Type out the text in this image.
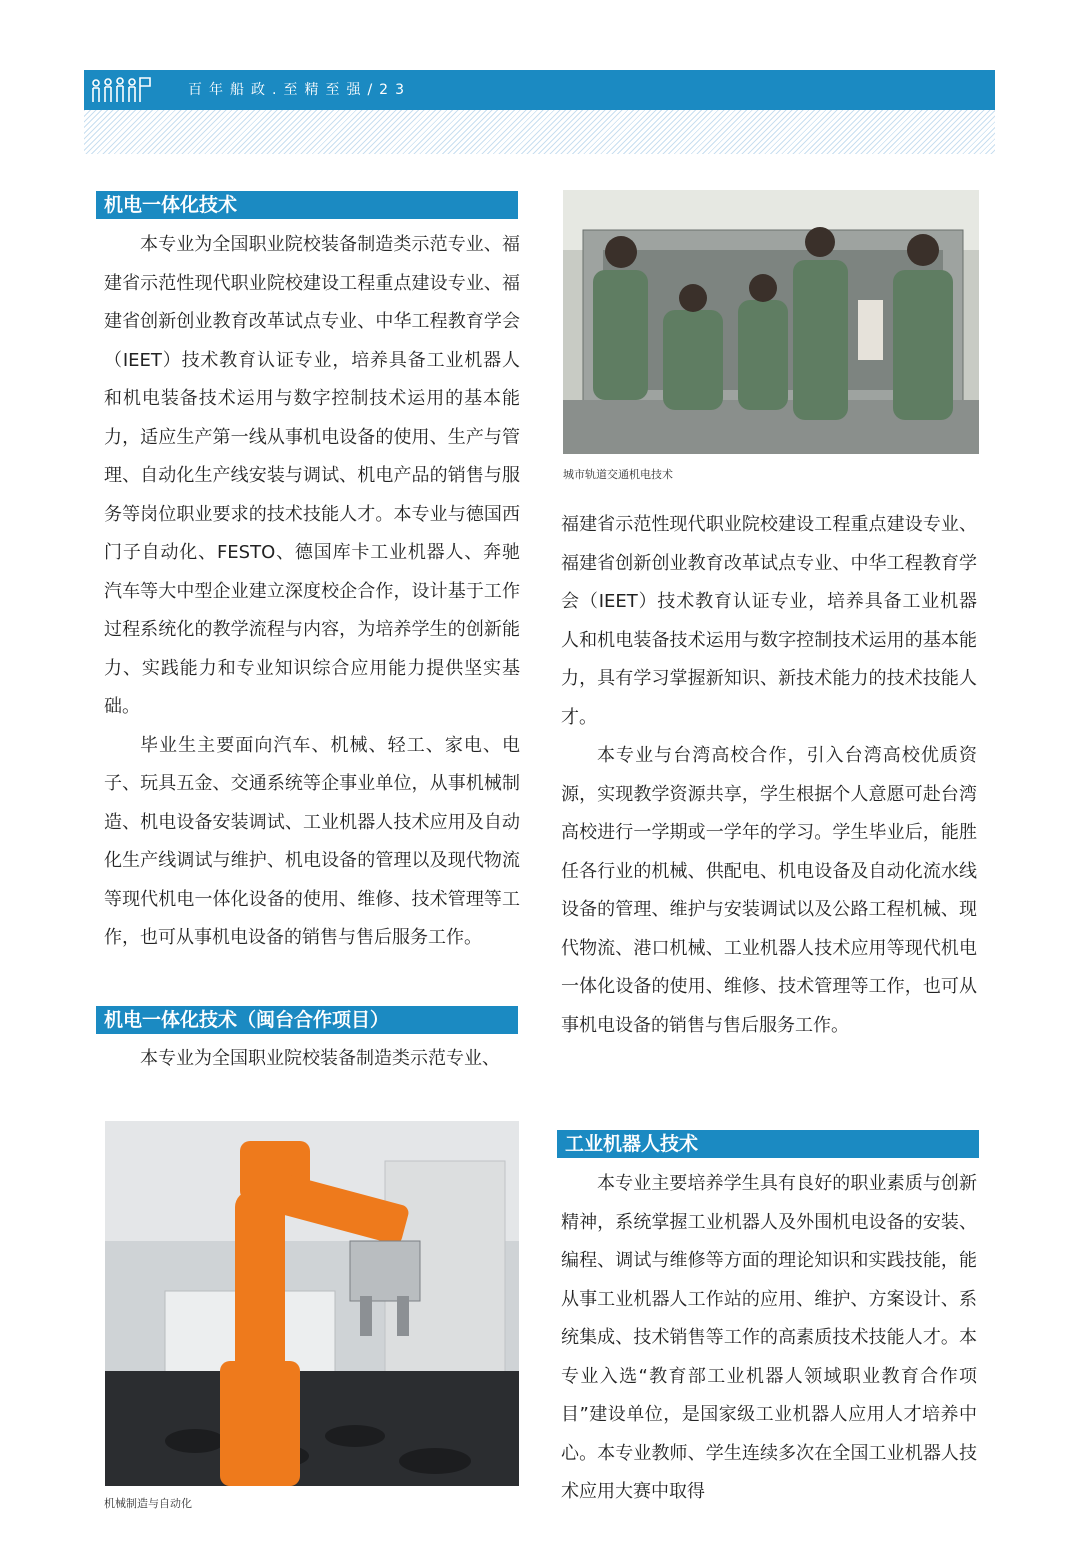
百年船政.至精至强/23
机电一体化技术

本专业为全国职业院校装备制造类示范专业、福建省示范性现代职业院校建设工程重点建设专业、福建省创新创业教育改革试点专业、中华工程教育学会（IEET）技术教育认证专业，培养具备工业机器人和机电装备技术运用与数字控制技术运用的基本能力，适应生产第一线从事机电设备的使用、生产与管理、自动化生产线安装与调试、机电产品的销售与服务等岗位职业要求的技术技能人才。本专业与德国西门子自动化、FESTO、德国库卡工业机器人、奔驰汽车等大中型企业建立深度校企合作，设计基于工作过程系统化的教学流程与内容，为培养学生的创新能力、实践能力和专业知识综合应用能力提供坚实基础。

毕业生主要面向汽车、机械、轻工、家电、电子、玩具五金、交通系统等企事业单位，从事机械制造、机电设备安装调试、工业机器人技术应用及自动化生产线调试与维护、机电设备的管理以及现代物流等现代机电一体化设备的使用、维修、技术管理等工作，也可从事机电设备的销售与售后服务工作。

机电一体化技术（闽台合作项目）

本专业为全国职业院校装备制造类示范专业、

机械制造与自动化
城市轨道交通机电技术

福建省示范性现代职业院校建设工程重点建设专业、福建省创新创业教育改革试点专业、中华工程教育学会（IEET）技术教育认证专业，培养具备工业机器人和机电装备技术运用与数字控制技术运用的基本能力，具有学习掌握新知识、新技术能力的技术技能人才。

本专业与台湾高校合作，引入台湾高校优质资源，实现教学资源共享，学生根据个人意愿可赴台湾高校进行一学期或一学年的学习。学生毕业后，能胜任各行业的机械、供配电、机电设备及自动化流水线设备的管理、维护与安装调试以及公路工程机械、现代物流、港口机械、工业机器人技术应用等现代机电一体化设备的使用、维修、技术管理等工作，也可从事机电设备的销售与售后服务工作。

工业机器人技术

本专业主要培养学生具有良好的职业素质与创新精神，系统掌握工业机器人及外围机电设备的安装、编程、调试与维修等方面的理论知识和实践技能，能从事工业机器人工作站的应用、维护、方案设计、系统集成、技术销售等工作的高素质技术技能人才。本专业入选“教育部工业机器人领域职业教育合作项目”建设单位，是国家级工业机器人应用人才培养中心。本专业教师、学生连续多次在全国工业机器人技术应用大赛中取得
